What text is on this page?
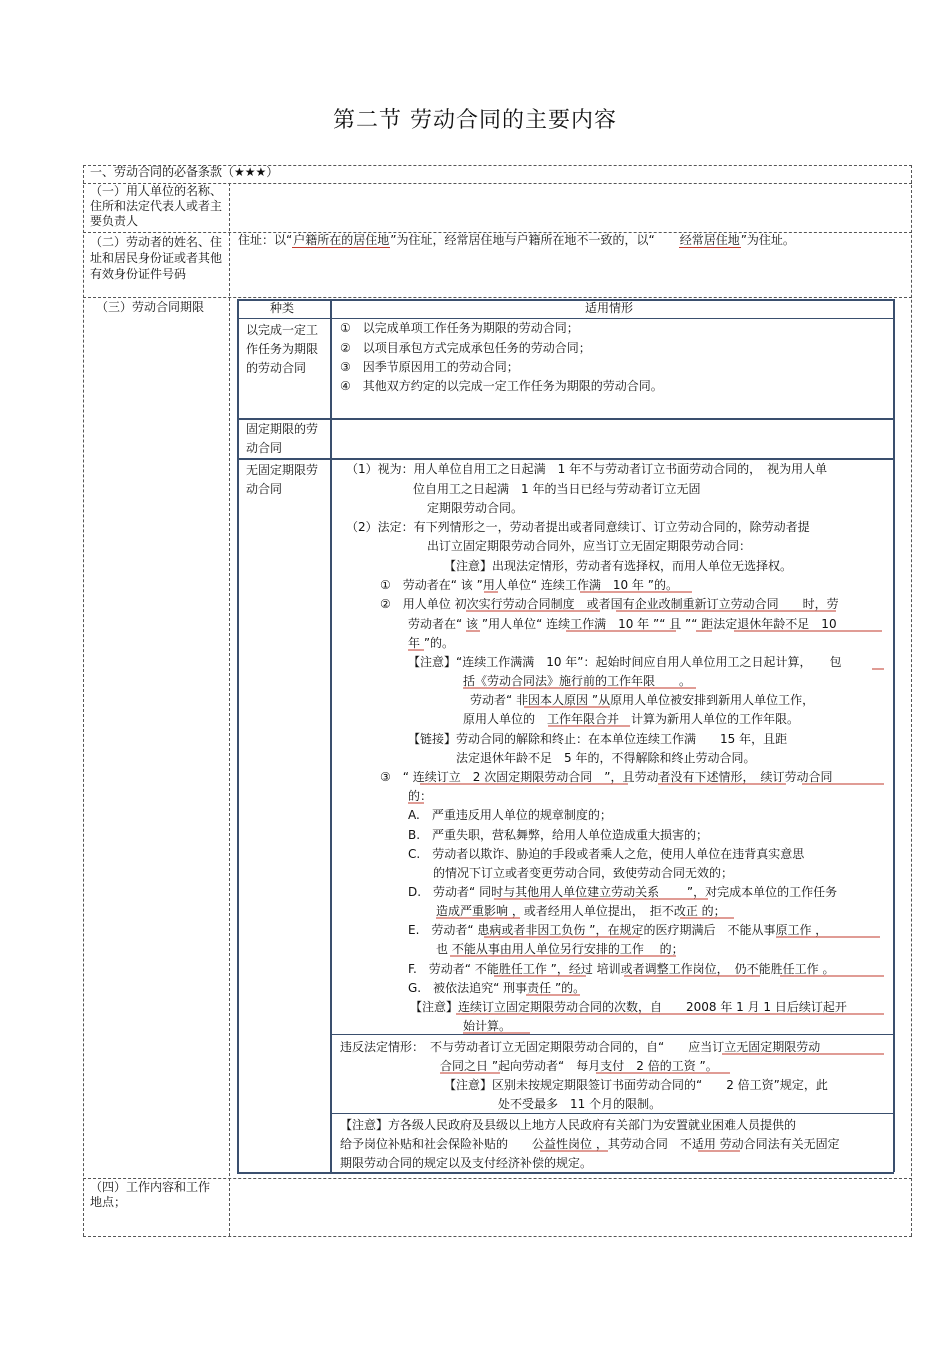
第二节 劳动合同的主要内容
一、劳动合同的必备条款（★★★）
（一）用人单位的名称、住所和法定代表人或者主要负责人
（二）劳动者的姓名、住址和居民身份证或者其他有效身份证件号码
住址：以“户籍所在的居住地”为住址，经常居住地与户籍所在地不一致的，以“　　 经常居住地”为住址。
（三）劳动合同期限
（四）工作内容和工作地点；
种类	适用情形
以完成一定工作任务为期限的劳动合同
①　以完成单项工作任务为期限的劳动合同；
②　以项目承包方式完成承包任务的劳动合同；
③　因季节原因用工的劳动合同；
④　其他双方约定的以完成一定工作任务为期限的劳动合同。
固定期限的劳动合同
无固定期限劳动合同
（1）视为：用人单位自用工之日起满　1 年不与劳动者订立书面劳动合同的，　视为用人单
位自用工之日起满　1 年的当日已经与劳动者订立无固
定期限劳动合同。
（2）法定：有下列情形之一，劳动者提出或者同意续订、订立劳动合同的，除劳动者提
出订立固定期限劳动合同外，应当订立无固定期限劳动合同：
【注意】出现法定情形，劳动者有选择权，而用人单位无选择权。
①　劳动者在“ 该 ”用人单位“ 连续工作满　10 年 ”的。
②　用人单位 初次实行劳动合同制度　或者国有企业改制重新订立劳动合同　　时，劳
劳动者在“ 该 ”用人单位“ 连续工作满　10 年 ”“ 且 ”“ 距法定退休年龄不足　10
年 ”的。
【注意】“连续工作满满　10 年”：起始时间应自用人单位用工之日起计算，　　包
括《劳动合同法》施行前的工作年限　　。
劳动者“ 非因本人原因 ”从原用人单位被安排到新用人单位工作，
原用人单位的　工作年限合并　计算为新用人单位的工作年限。
【链接】劳动合同的解除和终止：在本单位连续工作满　　15 年，且距
法定退休年龄不足　5 年的，不得解除和终止劳动合同。
③　“ 连续订立　2 次固定期限劳动合同　”，且劳动者没有下述情形，　续订劳动合同
的：
A.　严重违反用人单位的规章制度的；
B.　严重失职，营私舞弊，给用人单位造成重大损害的；
C.　劳动者以欺诈、胁迫的手段或者乘人之危，使用人单位在违背真实意思
的情况下订立或者变更劳动合同，致使劳动合同无效的；
D.　劳动者“ 同时与其他用人单位建立劳动关系　　 ”，对完成本单位的工作任务
造成严重影响 ，或者经用人单位提出，　拒不改正 的；
E.　劳动者“ 患病或者非因工负伤 ”，在规定的医疗期满后　不能从事原工作 ，
也 不能从事由用人单位另行安排的工作　 的；
F.　劳动者“ 不能胜任工作 ”，经过 培训或者调整工作岗位，　仍不能胜任工作 。
G.　被依法追究“ 刑事责任 ”的。
【注意】连续订立固定期限劳动合同的次数，自　　2008 年 1 月 1 日后续订起开
始计算。
违反法定情形：　不与劳动者订立无固定期限劳动合同的，自“　　应当订立无固定期限劳动
合同之日 ”起向劳动者“　每月支付　2 倍的工资 ”。
【注意】区别未按规定期限签订书面劳动合同的“　　2 倍工资”规定，此
处不受最多　11 个月的限制。
【注意】方各级人民政府及县级以上地方人民政府有关部门为安置就业困难人员提供的
给予岗位补贴和社会保险补贴的　　公益性岗位 ，其劳动合同　不适用 劳动合同法有关无固定
期限劳动合同的规定以及支付经济补偿的规定。
